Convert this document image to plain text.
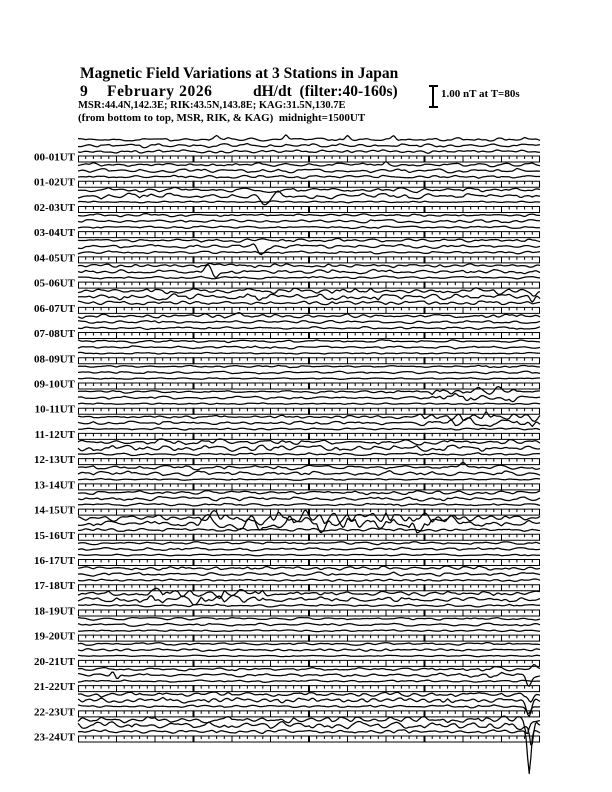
Magnetic Field Variations at 3 Stations in Japan
9 February 2026	dH/dt  (filter:40-160s)
MSR:44.4N,142.3E; RIK:43.5N,143.8E; KAG:31.5N,130.7E
(from bottom to top, MSR, RIK, & KAG)  midnight=1500UT
1.00 nT at T=80s
00-01UT
01-02UT
02-03UT
03-04UT
04-05UT
05-06UT
06-07UT
07-08UT
08-09UT
09-10UT
10-11UT
11-12UT
12-13UT
13-14UT
14-15UT
15-16UT
16-17UT
17-18UT
18-19UT
19-20UT
20-21UT
21-22UT
22-23UT
23-24UT
